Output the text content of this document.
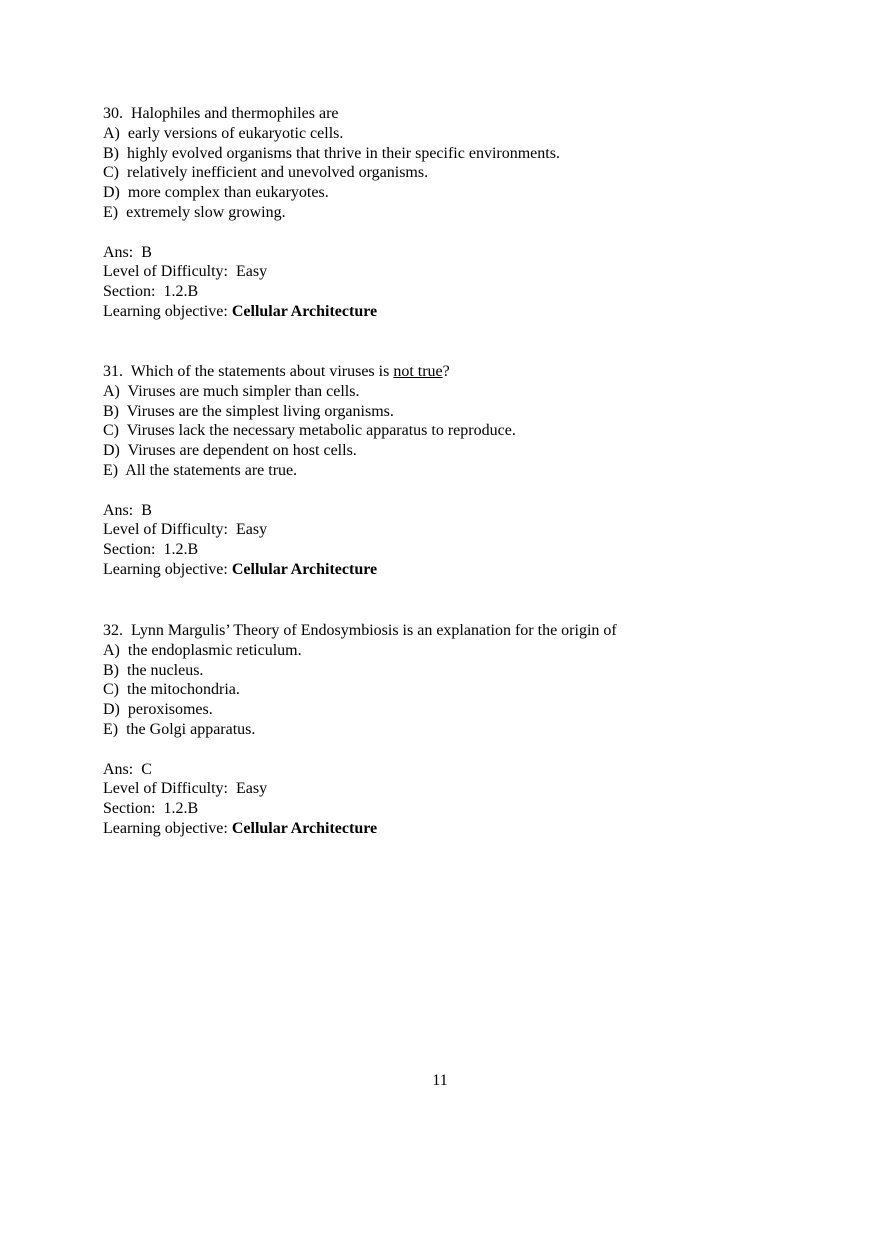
30.  Halophiles and thermophiles are
A)  early versions of eukaryotic cells.
B)  highly evolved organisms that thrive in their specific environments.
C)  relatively inefficient and unevolved organisms.
D)  more complex than eukaryotes.
E)  extremely slow growing.
Ans:  B
Level of Difficulty:  Easy
Section:  1.2.B
Learning objective: Cellular Architecture
31.  Which of the statements about viruses is not true?
A)  Viruses are much simpler than cells.
B)  Viruses are the simplest living organisms.
C)  Viruses lack the necessary metabolic apparatus to reproduce.
D)  Viruses are dependent on host cells.
E)  All the statements are true.
Ans:  B
Level of Difficulty:  Easy
Section:  1.2.B
Learning objective: Cellular Architecture
32.  Lynn Margulis’ Theory of Endosymbiosis is an explanation for the origin of
A)  the endoplasmic reticulum.
B)  the nucleus.
C)  the mitochondria.
D)  peroxisomes.
E)  the Golgi apparatus.
Ans:  C
Level of Difficulty:  Easy
Section:  1.2.B
Learning objective: Cellular Architecture
11
